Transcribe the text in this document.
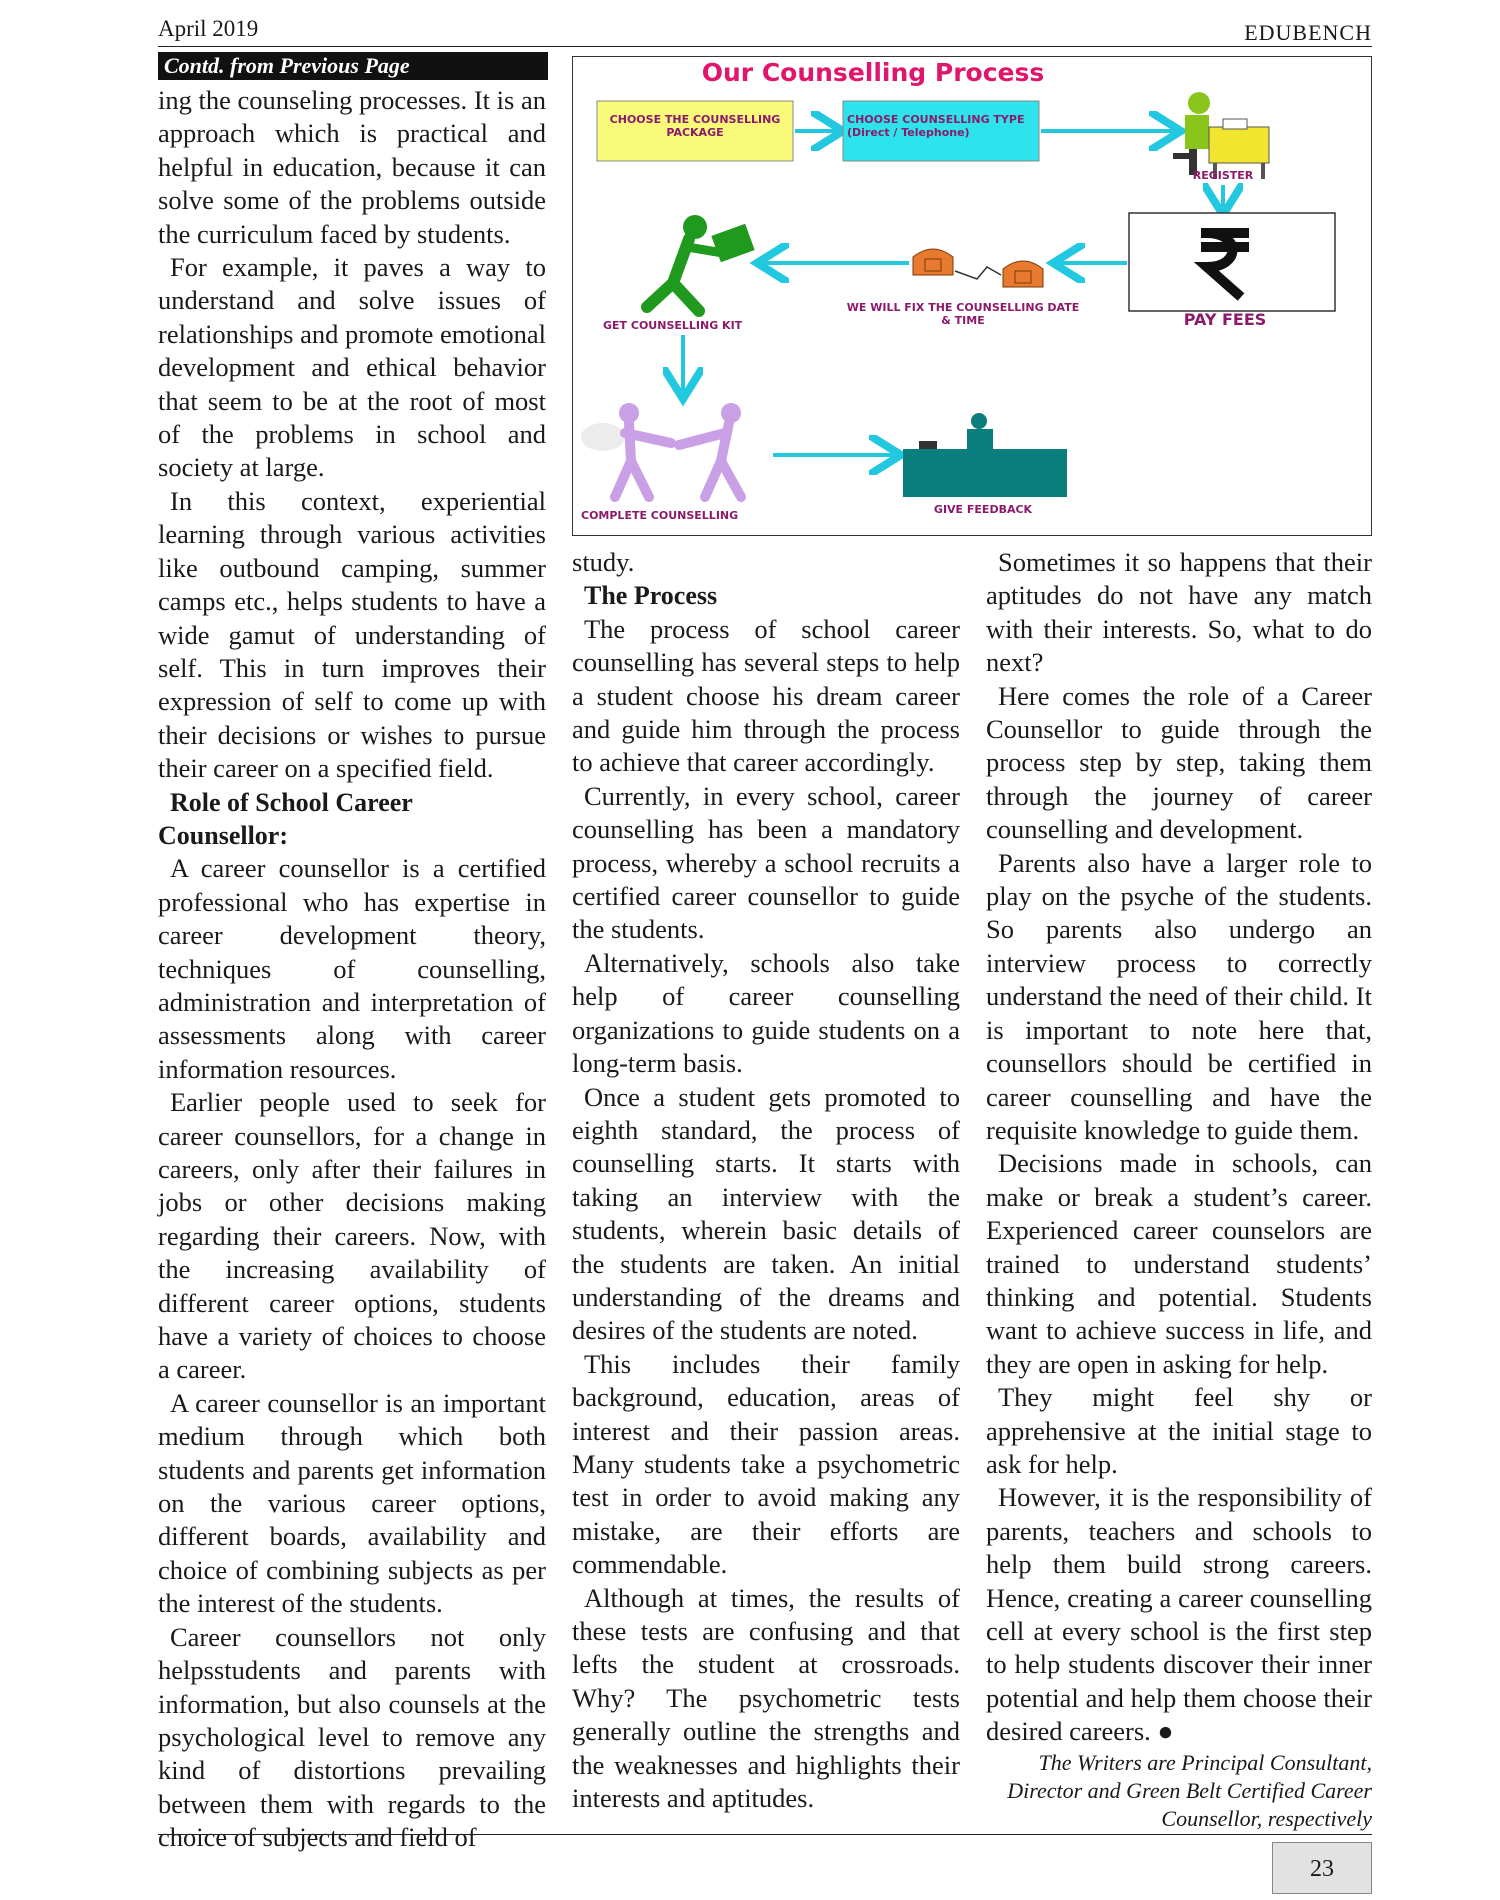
April 2019	EDUBENCH
Contd. from Previous Page

ing the counseling processes. It is an approach which is practical and helpful in education, because it can solve some of the problems outside the curriculum faced by students.

For example, it paves a way to understand and solve issues of relationships and promote emotional development and ethical behavior that seem to be at the root of most of the problems in school and society at large.

In this context, experiential learning through various activities like outbound camping, summer camps etc., helps students to have a wide gamut of understanding of self. This in turn improves their expression of self to come up with their decisions or wishes to pursue their career on a specified field.

Role of School Career Counsellor:

A career counsellor is a certified professional who has expertise in career development theory, techniques of counselling, administration and interpretation of assessments along with career information resources.

Earlier people used to seek for career counsellors, for a change in careers, only after their failures in jobs or other decisions making regarding their careers. Now, with the increasing availability of different career options, students have a variety of choices to choose a career.

A career counsellor is an important medium through which both students and parents get information on the various career options, different boards, availability and choice of combining subjects as per the interest of the students.

Career counsellors not only helpsstudents and parents with information, but also counsels at the psychological level to remove any kind of distortions prevailing between them with regards to the choice of subjects and field of

Our Counselling Process
CHOOSE THE COUNSELLING PACKAGE
CHOOSE COUNSELLING TYPE (Direct / Telephone)
REGISTER
PAY FEES
WE WILL FIX THE COUNSELLING DATE & TIME
GET COUNSELLING KIT
COMPLETE COUNSELLING	GIVE FEEDBACK

study.

The Process

The process of school career counselling has several steps to help a student choose his dream career and guide him through the process to achieve that career accordingly.

Currently, in every school, career counselling has been a mandatory process, whereby a school recruits a certified career counsellor to guide the students.

Alternatively, schools also take help of career counselling organizations to guide students on a long-term basis.

Once a student gets promoted to eighth standard, the process of counselling starts. It starts with taking an interview with the students, wherein basic details of the students are taken. An initial understanding of the dreams and desires of the students are noted.

This includes their family background, education, areas of interest and their passion areas. Many students take a psychometric test in order to avoid making any mistake, are their efforts are commendable.

Although at times, the results of these tests are confusing and that lefts the student at crossroads. Why? The psychometric tests generally outline the strengths and the weaknesses and highlights their interests and aptitudes.

Sometimes it so happens that their aptitudes do not have any match with their interests. So, what to do next?

Here comes the role of a Career Counsellor to guide through the process step by step, taking them through the journey of career counselling and development.

Parents also have a larger role to play on the psyche of the students. So parents also undergo an interview process to correctly understand the need of their child. It is important to note here that, counsellors should be certified in career counselling and have the requisite knowledge to guide them.

Decisions made in schools, can make or break a student’s career. Experienced career counselors are trained to understand students’ thinking and potential. Students want to achieve success in life, and they are open in asking for help.

They might feel shy or apprehensive at the initial stage to ask for help.

However, it is the responsibility of parents, teachers and schools to help them build strong careers. Hence, creating a career counselling cell at every school is the first step to help students discover their inner potential and help them choose their desired careers. ●

The Writers are Principal Consultant, Director and Green Belt Certified Career Counsellor, respectively
23
